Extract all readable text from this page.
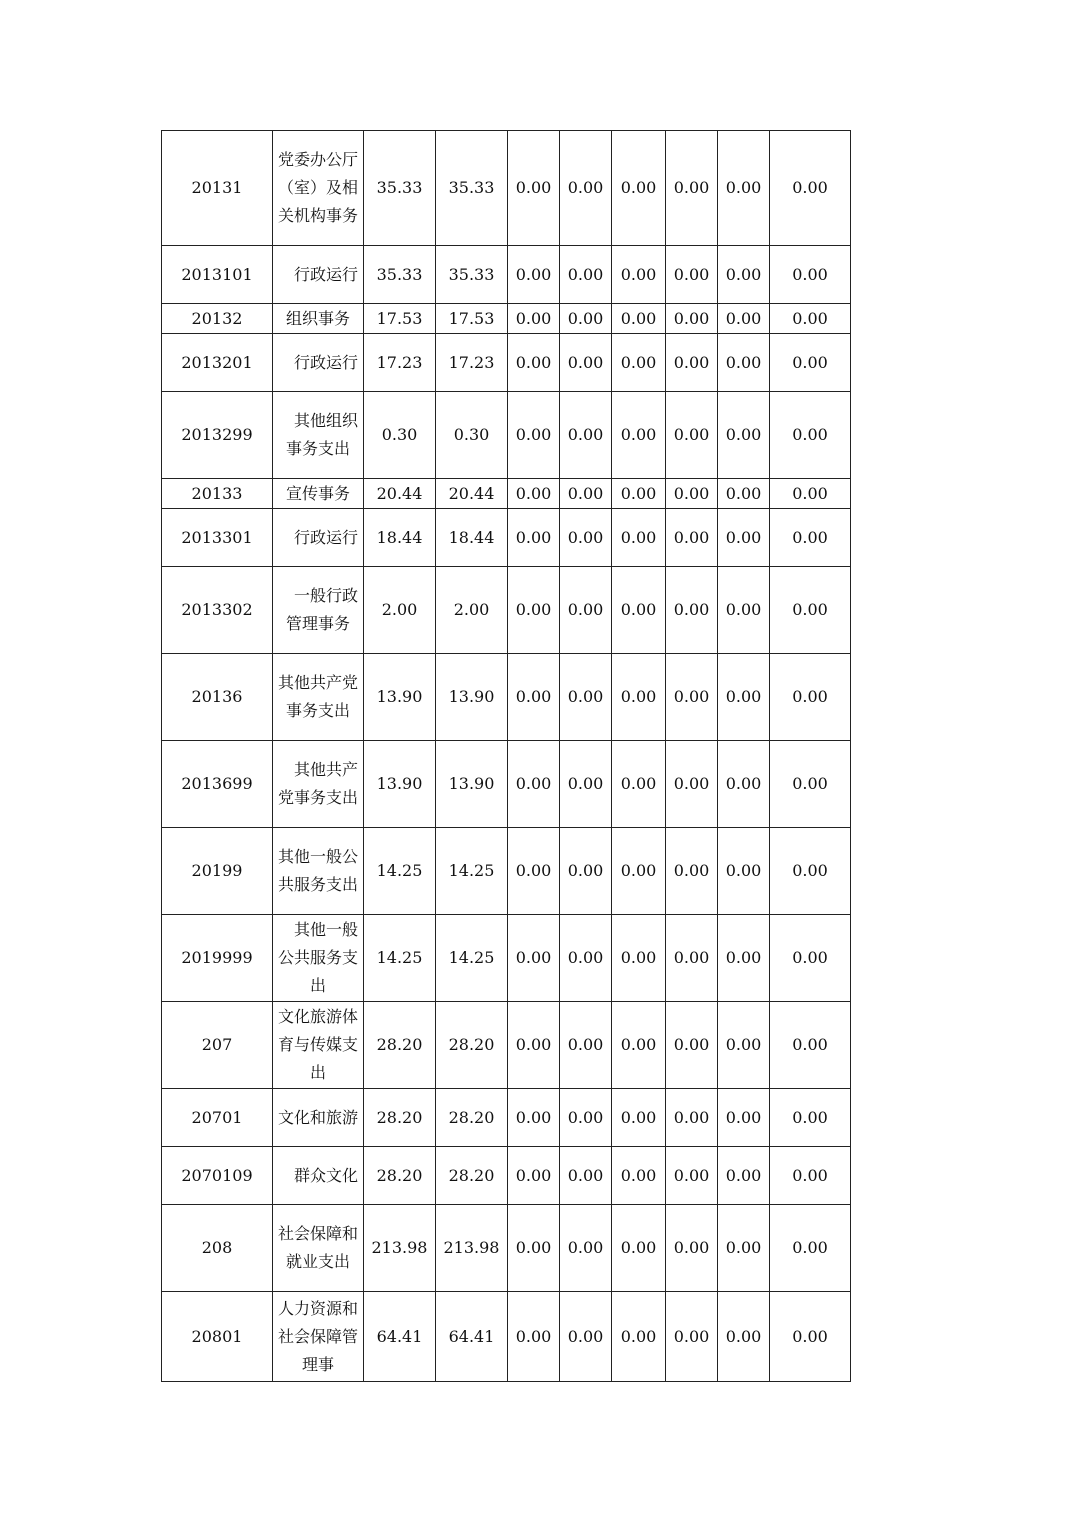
20131	党委办公厅（室）及相关机构事务	35.33	35.33	0.00	0.00	0.00	0.00	0.00	0.00
2013101	行政运行	35.33	35.33	0.00	0.00	0.00	0.00	0.00	0.00
20132	组织事务	17.53	17.53	0.00	0.00	0.00	0.00	0.00	0.00
2013201	行政运行	17.23	17.23	0.00	0.00	0.00	0.00	0.00	0.00
2013299	其他组织事务支出	0.30	0.30	0.00	0.00	0.00	0.00	0.00	0.00
20133	宣传事务	20.44	20.44	0.00	0.00	0.00	0.00	0.00	0.00
2013301	行政运行	18.44	18.44	0.00	0.00	0.00	0.00	0.00	0.00
2013302	一般行政管理事务	2.00	2.00	0.00	0.00	0.00	0.00	0.00	0.00
20136	其他共产党事务支出	13.90	13.90	0.00	0.00	0.00	0.00	0.00	0.00
2013699	其他共产党事务支出	13.90	13.90	0.00	0.00	0.00	0.00	0.00	0.00
20199	其他一般公共服务支出	14.25	14.25	0.00	0.00	0.00	0.00	0.00	0.00
2019999	其他一般公共服务支出	14.25	14.25	0.00	0.00	0.00	0.00	0.00	0.00
207	文化旅游体育与传媒支出	28.20	28.20	0.00	0.00	0.00	0.00	0.00	0.00
20701	文化和旅游	28.20	28.20	0.00	0.00	0.00	0.00	0.00	0.00
2070109	群众文化	28.20	28.20	0.00	0.00	0.00	0.00	0.00	0.00
208	社会保障和就业支出	213.98	213.98	0.00	0.00	0.00	0.00	0.00	0.00
20801	人力资源和社会保障管理事	64.41	64.41	0.00	0.00	0.00	0.00	0.00	0.00
